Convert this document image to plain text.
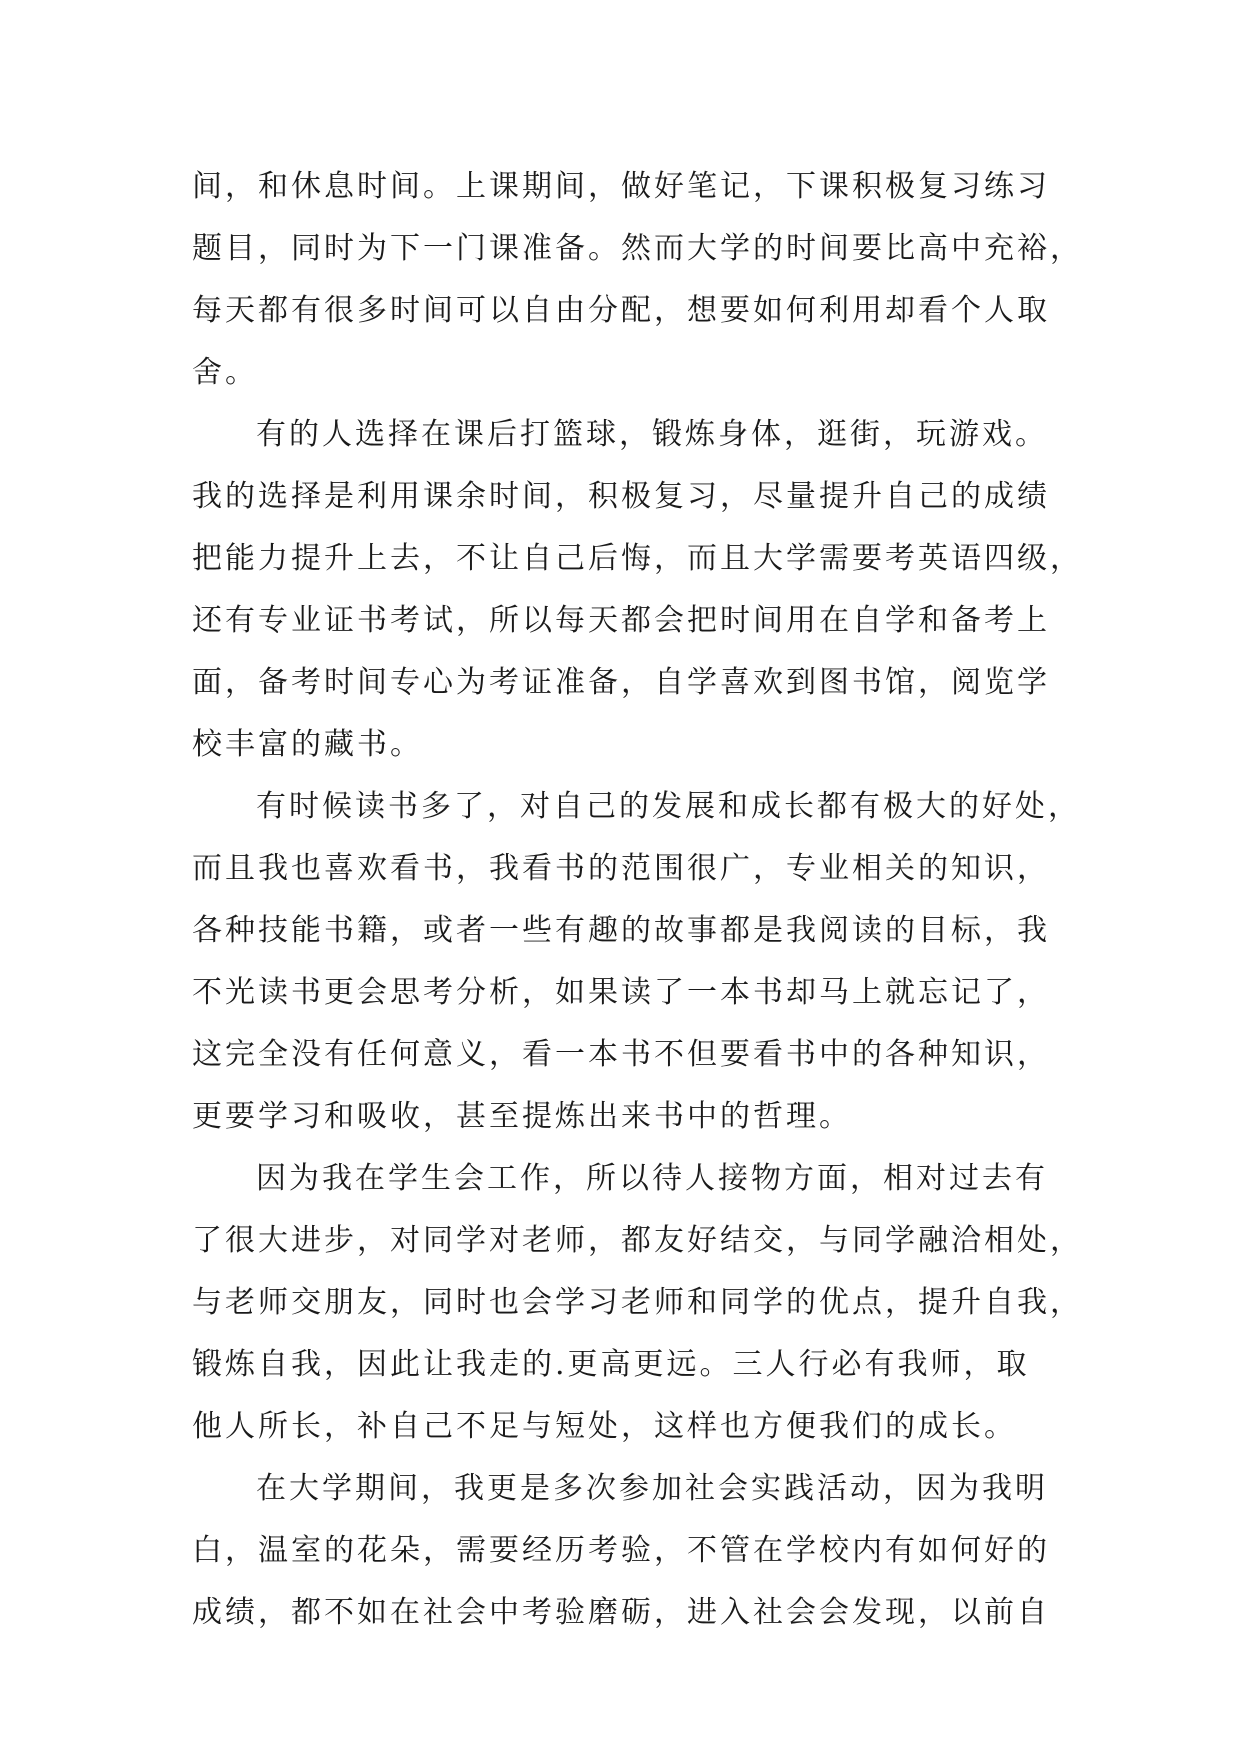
间，和休息时间。上课期间，做好笔记，下课积极复习练习
题目，同时为下一门课准备。然而大学的时间要比高中充裕，
每天都有很多时间可以自由分配，想要如何利用却看个人取
舍。
有的人选择在课后打篮球，锻炼身体，逛街，玩游戏。
我的选择是利用课余时间，积极复习，尽量提升自己的成绩
把能力提升上去，不让自己后悔，而且大学需要考英语四级，
还有专业证书考试，所以每天都会把时间用在自学和备考上
面，备考时间专心为考证准备，自学喜欢到图书馆，阅览学
校丰富的藏书。
有时候读书多了，对自己的发展和成长都有极大的好处，
而且我也喜欢看书，我看书的范围很广，专业相关的知识，
各种技能书籍，或者一些有趣的故事都是我阅读的目标，我
不光读书更会思考分析，如果读了一本书却马上就忘记了，
这完全没有任何意义，看一本书不但要看书中的各种知识，
更要学习和吸收，甚至提炼出来书中的哲理。
因为我在学生会工作，所以待人接物方面，相对过去有
了很大进步，对同学对老师，都友好结交，与同学融洽相处，
与老师交朋友，同时也会学习老师和同学的优点，提升自我，
锻炼自我，因此让我走的.更高更远。三人行必有我师，取
他人所长，补自己不足与短处，这样也方便我们的成长。
在大学期间，我更是多次参加社会实践活动，因为我明
白，温室的花朵，需要经历考验，不管在学校内有如何好的
成绩，都不如在社会中考验磨砺，进入社会会发现，以前自
